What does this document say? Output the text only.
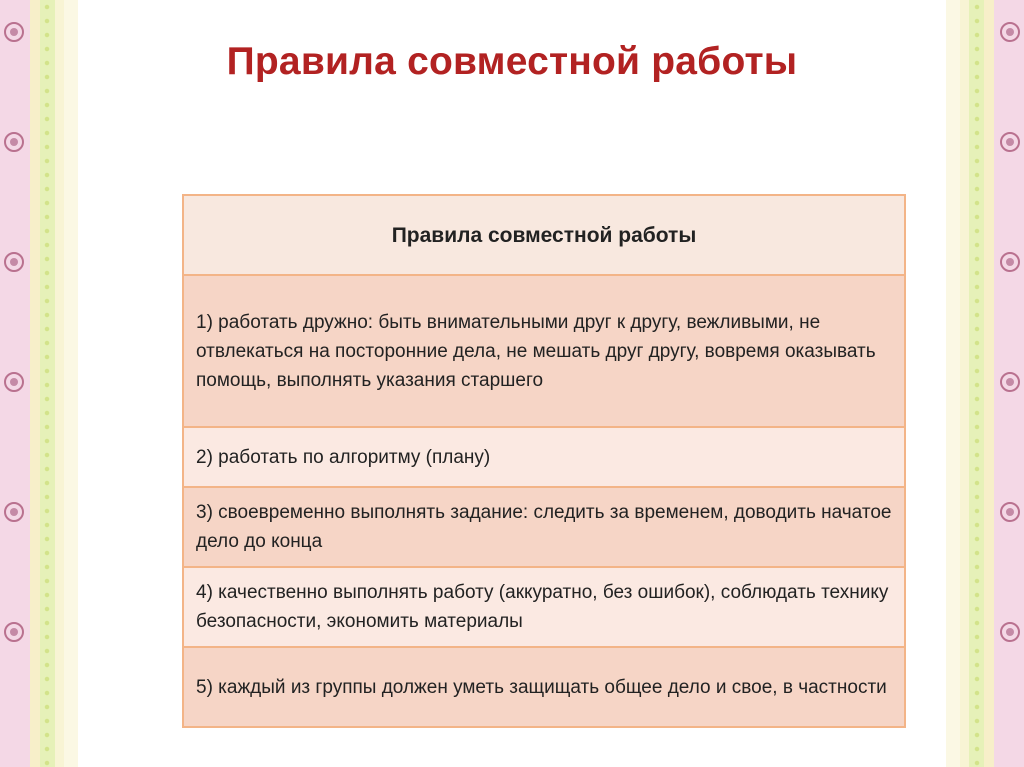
Правила совместной работы
Правила совместной работы
1) работать дружно: быть внимательными друг к другу, вежливыми, не отвлекаться на посторонние дела, не мешать друг другу, вовремя оказывать помощь, выполнять указания старшего
2) работать по алгоритму (плану)
3) своевременно выполнять задание: следить за временем, доводить начатое дело до конца
4) качественно выполнять работу (аккуратно, без ошибок), соблюдать технику безопасности, экономить материалы
5) каждый из группы должен уметь защищать общее дело и свое, в частности
